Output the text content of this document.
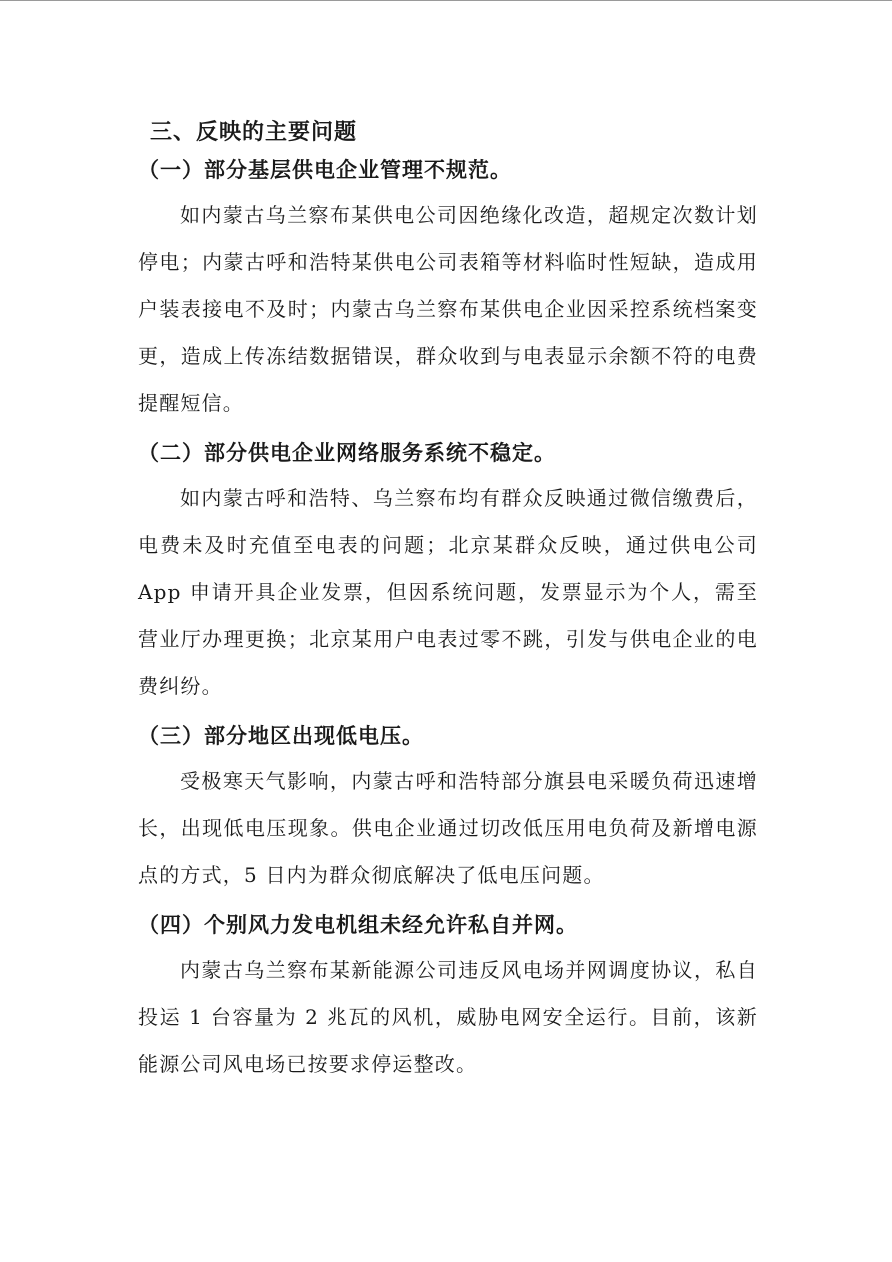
三、反映的主要问题
（一）部分基层供电企业管理不规范。

如内蒙古乌兰察布某供电公司因绝缘化改造，超规定次数计划停电；内蒙古呼和浩特某供电公司表箱等材料临时性短缺，造成用户装表接电不及时；内蒙古乌兰察布某供电企业因采控系统档案变更，造成上传冻结数据错误，群众收到与电表显示余额不符的电费提醒短信。

（二）部分供电企业网络服务系统不稳定。

如内蒙古呼和浩特、乌兰察布均有群众反映通过微信缴费后，电费未及时充值至电表的问题；北京某群众反映，通过供电公司 App 申请开具企业发票，但因系统问题，发票显示为个人，需至营业厅办理更换；北京某用户电表过零不跳，引发与供电企业的电费纠纷。

（三）部分地区出现低电压。

受极寒天气影响，内蒙古呼和浩特部分旗县电采暖负荷迅速增长，出现低电压现象。供电企业通过切改低压用电负荷及新增电源点的方式，5 日内为群众彻底解决了低电压问题。

（四）个别风力发电机组未经允许私自并网。

内蒙古乌兰察布某新能源公司违反风电场并网调度协议，私自投运 1 台容量为 2 兆瓦的风机，威胁电网安全运行。目前，该新能源公司风电场已按要求停运整改。
